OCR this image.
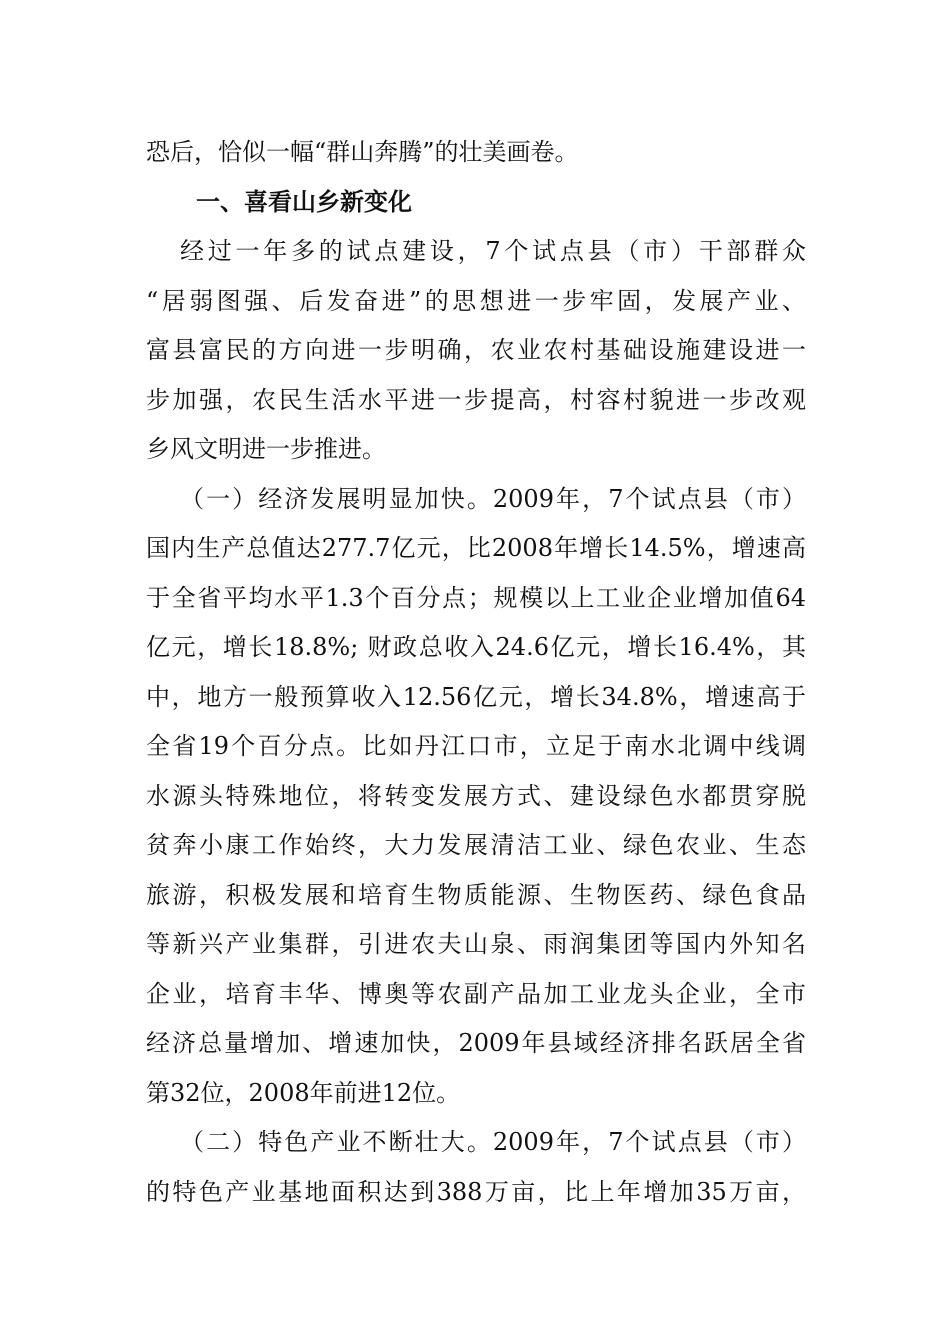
恐后，恰似一幅“群山奔腾”的壮美画卷。
一、喜看山乡新变化
经过一年多的试点建设，7个试点县（市）干部群众
“居弱图强、后发奋进”的思想进一步牢固，发展产业、
富县富民的方向进一步明确，农业农村基础设施建设进一
步加强，农民生活水平进一步提高，村容村貌进一步改观
乡风文明进一步推进。
（一）经济发展明显加快。2009年，7个试点县（市）
国内生产总值达277.7亿元，比2008年增长14.5%，增速高
于全省平均水平1.3个百分点；规模以上工业企业增加值64
亿元，增长18.8%; 财政总收入24.6亿元，增长16.4%，其
中，地方一般预算收入12.56亿元，增长34.8%，增速高于
全省19个百分点。比如丹江口市，立足于南水北调中线调
水源头特殊地位，将转变发展方式、建设绿色水都贯穿脱
贫奔小康工作始终，大力发展清洁工业、绿色农业、生态
旅游，积极发展和培育生物质能源、生物医药、绿色食品
等新兴产业集群，引进农夫山泉、雨润集团等国内外知名
企业，培育丰华、博奥等农副产品加工业龙头企业，全市
经济总量增加、增速加快，2009年县域经济排名跃居全省
第32位，2008年前进12位。
（二）特色产业不断壮大。2009年，7个试点县（市）
的特色产业基地面积达到388万亩，比上年增加35万亩，
